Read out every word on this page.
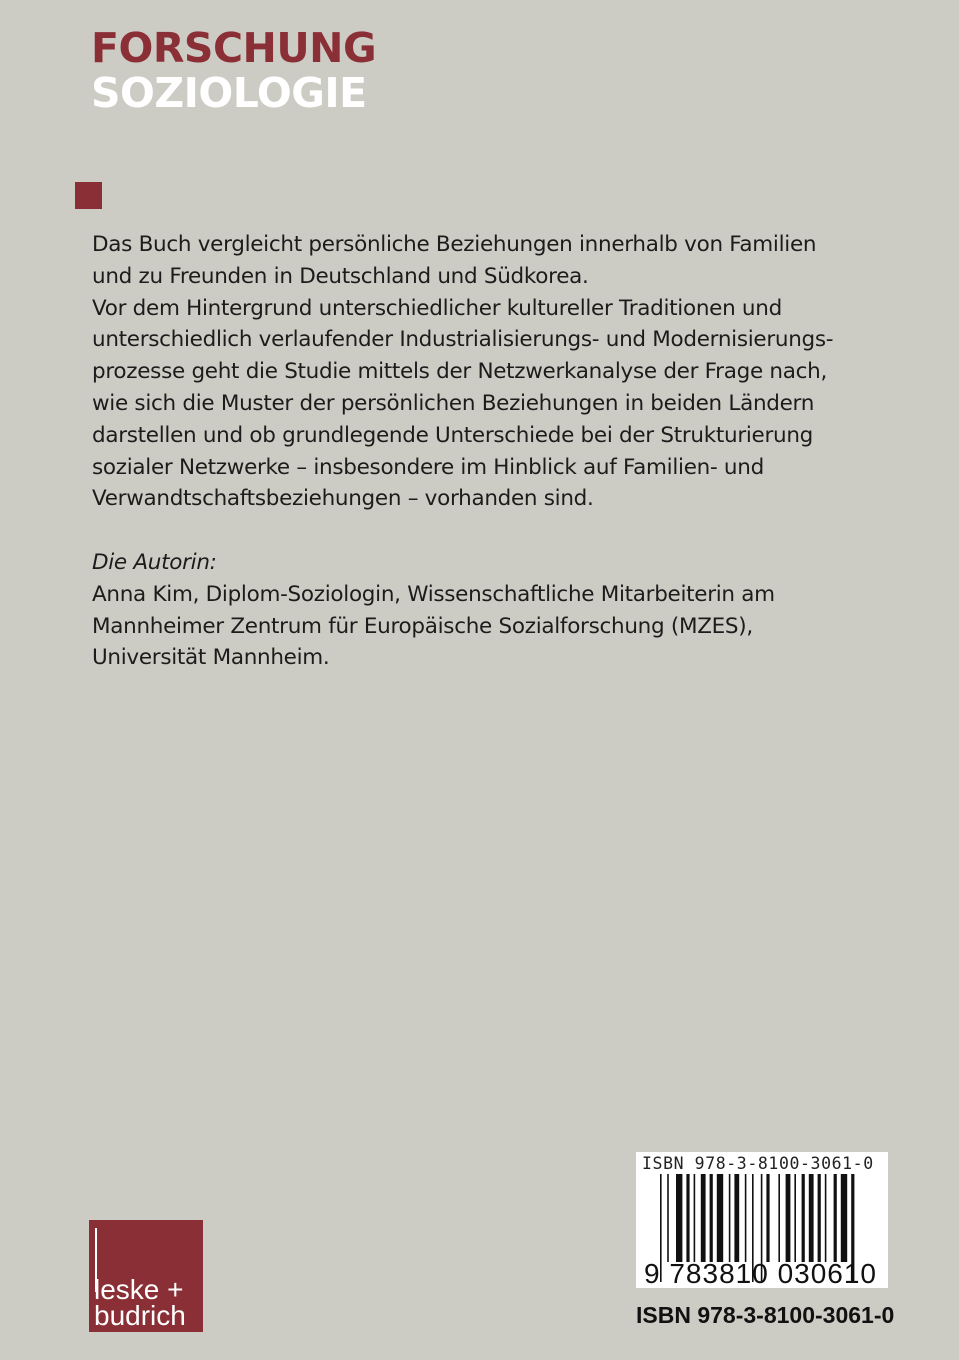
FORSCHUNG
SOZIOLOGIE
Das Buch vergleicht persönliche Beziehungen innerhalb von Familien
und zu Freunden in Deutschland und Südkorea.
Vor dem Hintergrund unterschiedlicher kultureller Traditionen und
unterschiedlich verlaufender Industrialisierungs- und Modernisierungs-
prozesse geht die Studie mittels der Netzwerkanalyse der Frage nach,
wie sich die Muster der persönlichen Beziehungen in beiden Ländern
darstellen und ob grundlegende Unterschiede bei der Strukturierung
sozialer Netzwerke – insbesondere im Hinblick auf Familien- und
Verwandtschaftsbeziehungen – vorhanden sind.
Die Autorin:
Anna Kim, Diplom-Soziologin, Wissenschaftliche Mitarbeiterin am
Mannheimer Zentrum für Europäische Sozialforschung (MZES),
Universität Mannheim.
ISBN 978-3-8100-3061-0
9 783810 030610
ISBN 978-3-8100-3061-0
leske +
budrich
